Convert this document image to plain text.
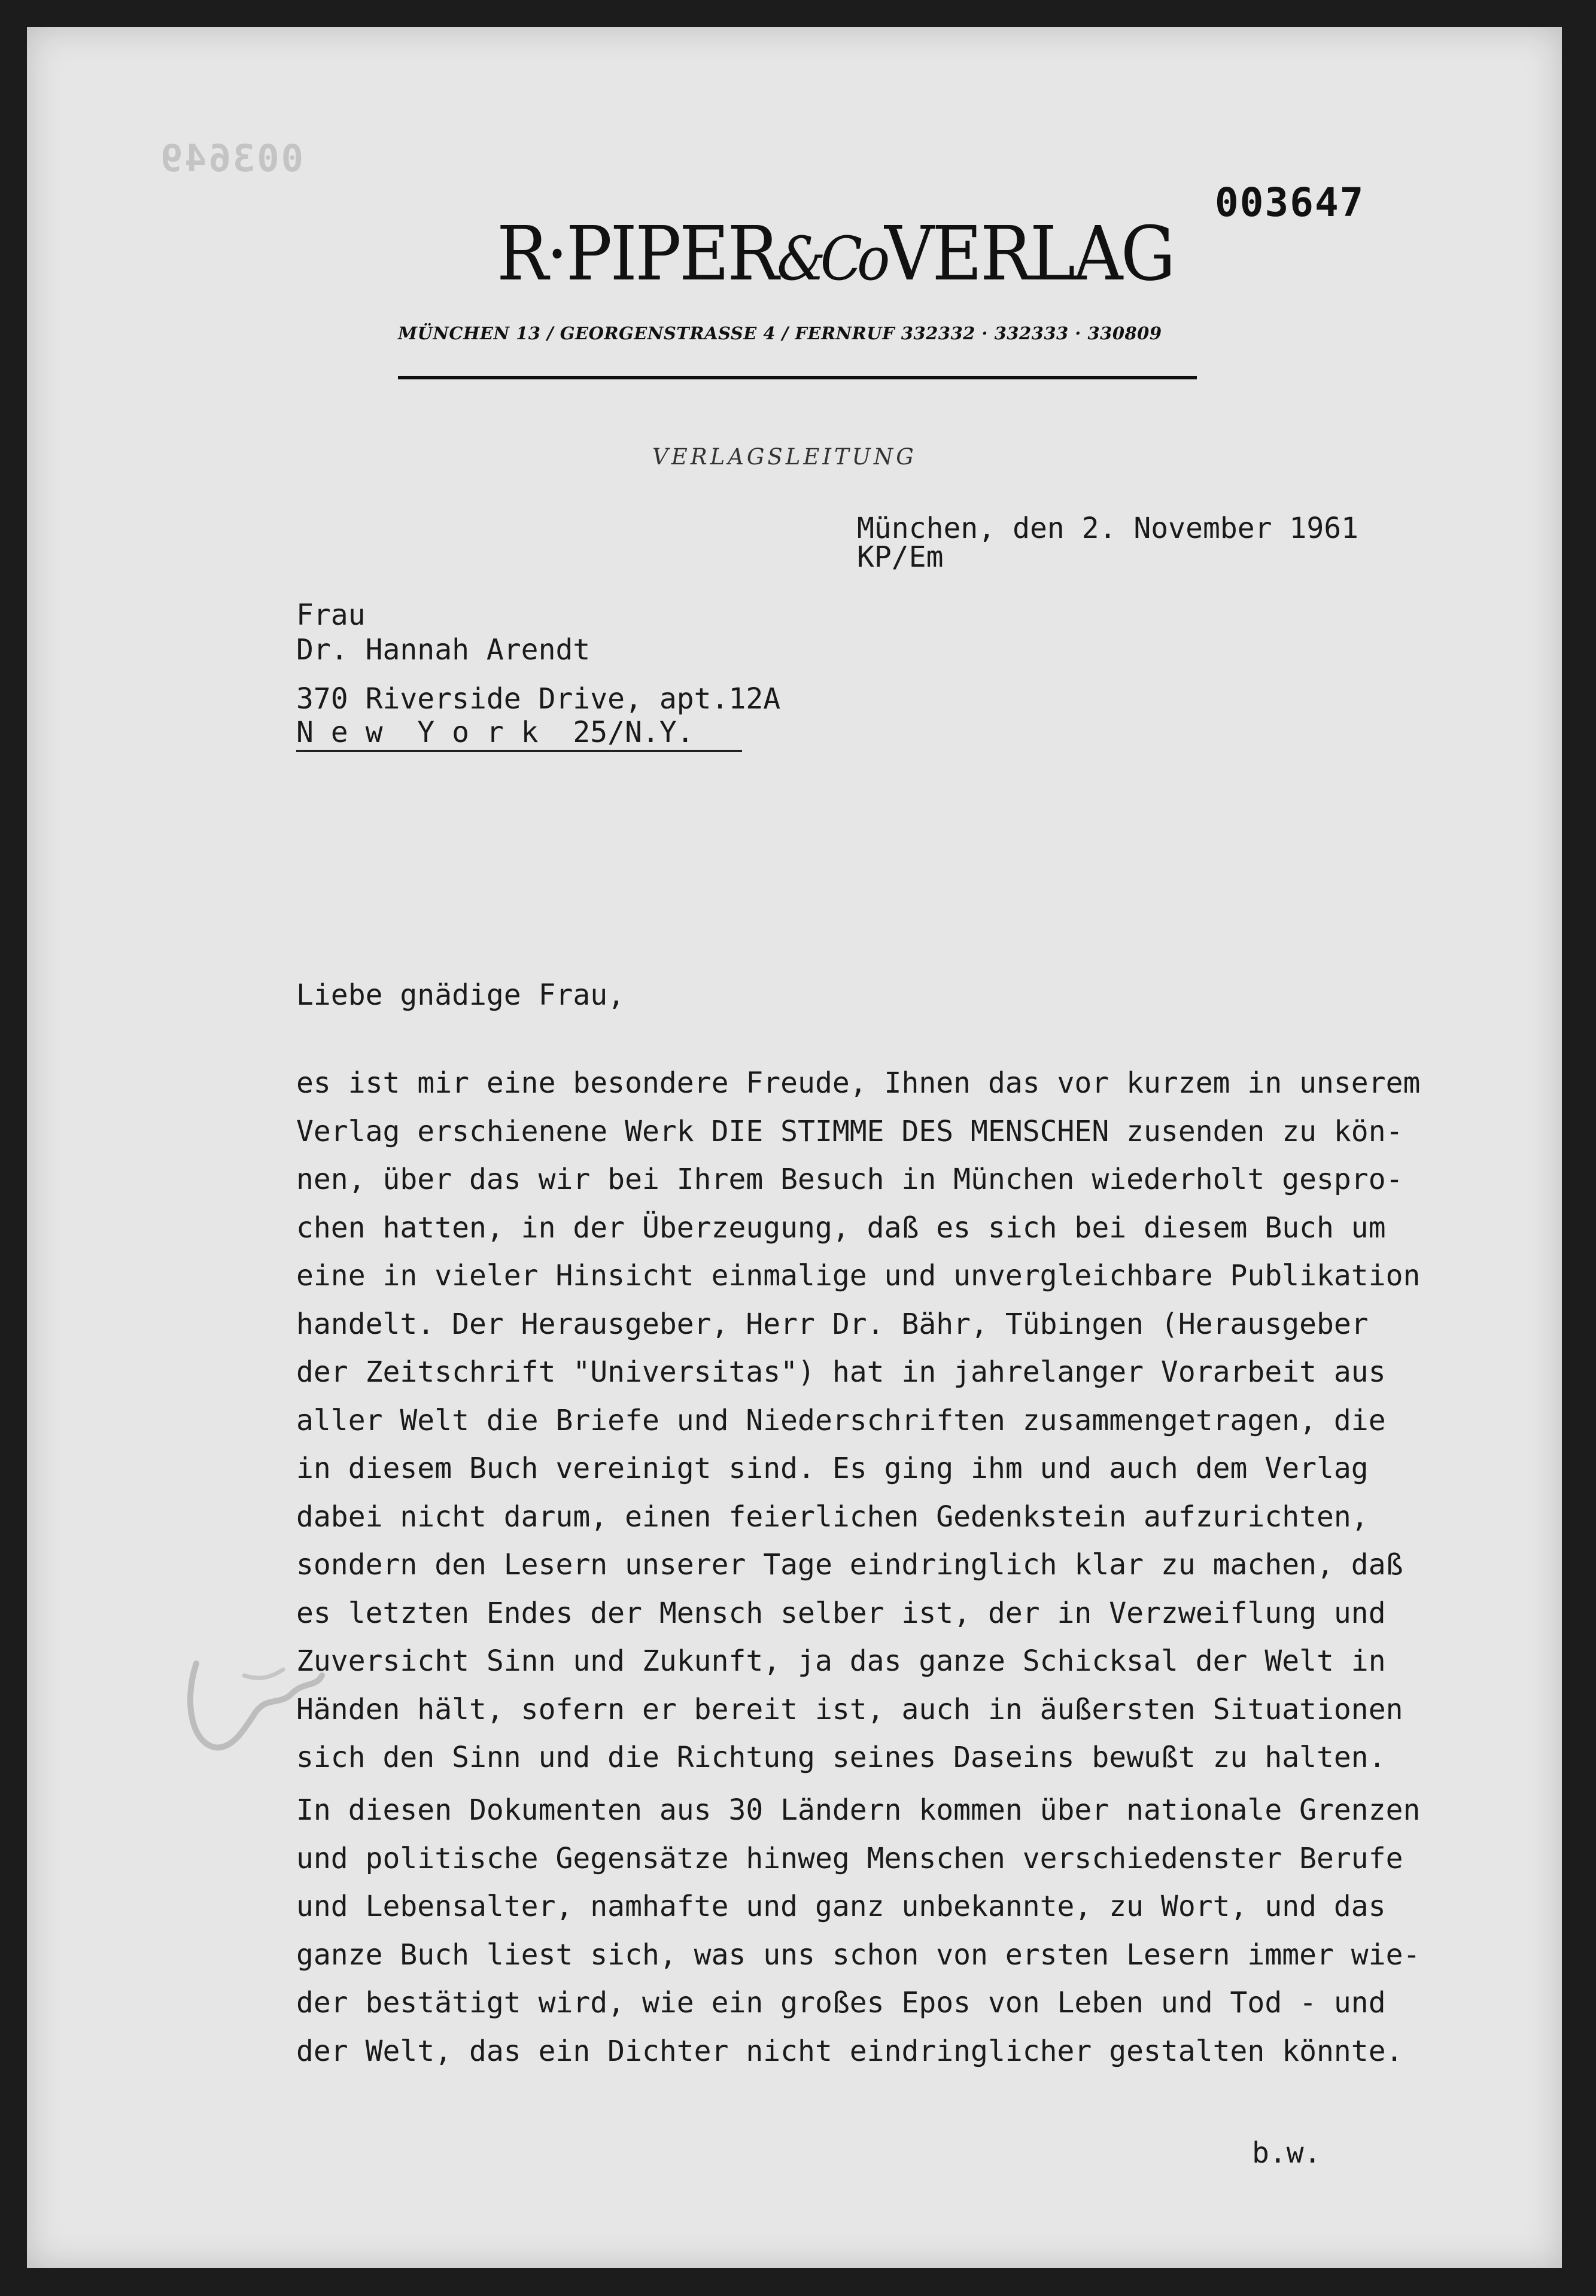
003649
003647
R·PIPER&CoVERLAG
MÜNCHEN 13 / GEORGENSTRASSE 4 / FERNRUF 332332 · 332333 · 330809
VERLAGSLEITUNG
München, den 2. November 1961
KP/Em
Frau
Dr. Hannah Arendt
370 Riverside Drive, apt.12A
N e w  Y o r k  25/N.Y.
Liebe gnädige Frau,
es ist mir eine besondere Freude, Ihnen das vor kurzem in unserem
Verlag erschienene Werk DIE STIMME DES MENSCHEN zusenden zu kön-
nen, über das wir bei Ihrem Besuch in München wiederholt gespro-
chen hatten, in der Überzeugung, daß es sich bei diesem Buch um
eine in vieler Hinsicht einmalige und unvergleichbare Publikation
handelt. Der Herausgeber, Herr Dr. Bähr, Tübingen (Herausgeber
der Zeitschrift "Universitas") hat in jahrelanger Vorarbeit aus
aller Welt die Briefe und Niederschriften zusammengetragen, die
in diesem Buch vereinigt sind. Es ging ihm und auch dem Verlag
dabei nicht darum, einen feierlichen Gedenkstein aufzurichten,
sondern den Lesern unserer Tage eindringlich klar zu machen, daß
es letzten Endes der Mensch selber ist, der in Verzweiflung und
Zuversicht Sinn und Zukunft, ja das ganze Schicksal der Welt in
Händen hält, sofern er bereit ist, auch in äußersten Situationen
sich den Sinn und die Richtung seines Daseins bewußt zu halten.
In diesen Dokumenten aus 30 Ländern kommen über nationale Grenzen
und politische Gegensätze hinweg Menschen verschiedenster Berufe
und Lebensalter, namhafte und ganz unbekannte, zu Wort, und das
ganze Buch liest sich, was uns schon von ersten Lesern immer wie-
der bestätigt wird, wie ein großes Epos von Leben und Tod - und
der Welt, das ein Dichter nicht eindringlicher gestalten könnte.
b.w.
